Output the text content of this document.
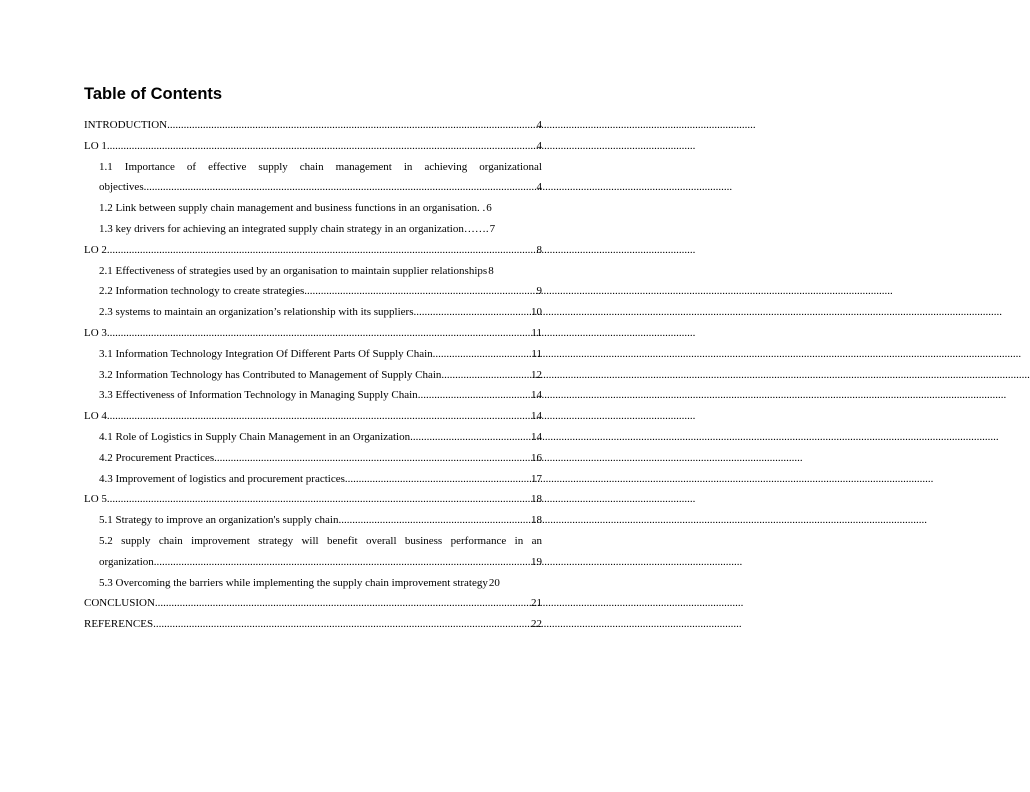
Table of Contents
INTRODUCTION .....	4
LO 1 .....	4
1.1 Importance of effective supply chain management in achieving organizational
objectives .....	4
1.2 Link between supply chain management and business functions in an organisation. . 6
1.3 key drivers for achieving an integrated supply chain strategy in an organization……. 7
LO 2 .....	8
2.1 Effectiveness of strategies used by an organisation to maintain supplier relationships 8
2.2 Information technology to create strategies .....	9
2.3 systems to maintain an organization’s relationship with its suppliers .....	10
LO 3 .....	11
3.1 Information Technology Integration Of Different Parts Of Supply Chain .....	11
3.2 Information Technology has Contributed to Management of Supply Chain .....	12
3.3 Effectiveness of Information Technology in Managing Supply Chain .....	14
LO 4 .....	14
4.1 Role of Logistics in Supply Chain Management in an Organization .....	14
4.2 Procurement Practices .....	16
4.3 Improvement of logistics and procurement practices .....	17
LO 5 .....	18
5.1 Strategy to improve an organization's supply chain .....	18
5.2 supply chain improvement strategy will benefit overall business performance in an
organization .....	19
5.3 Overcoming the barriers while implementing the supply chain improvement strategy 20
CONCLUSION .....	21
REFERENCES .....	22
